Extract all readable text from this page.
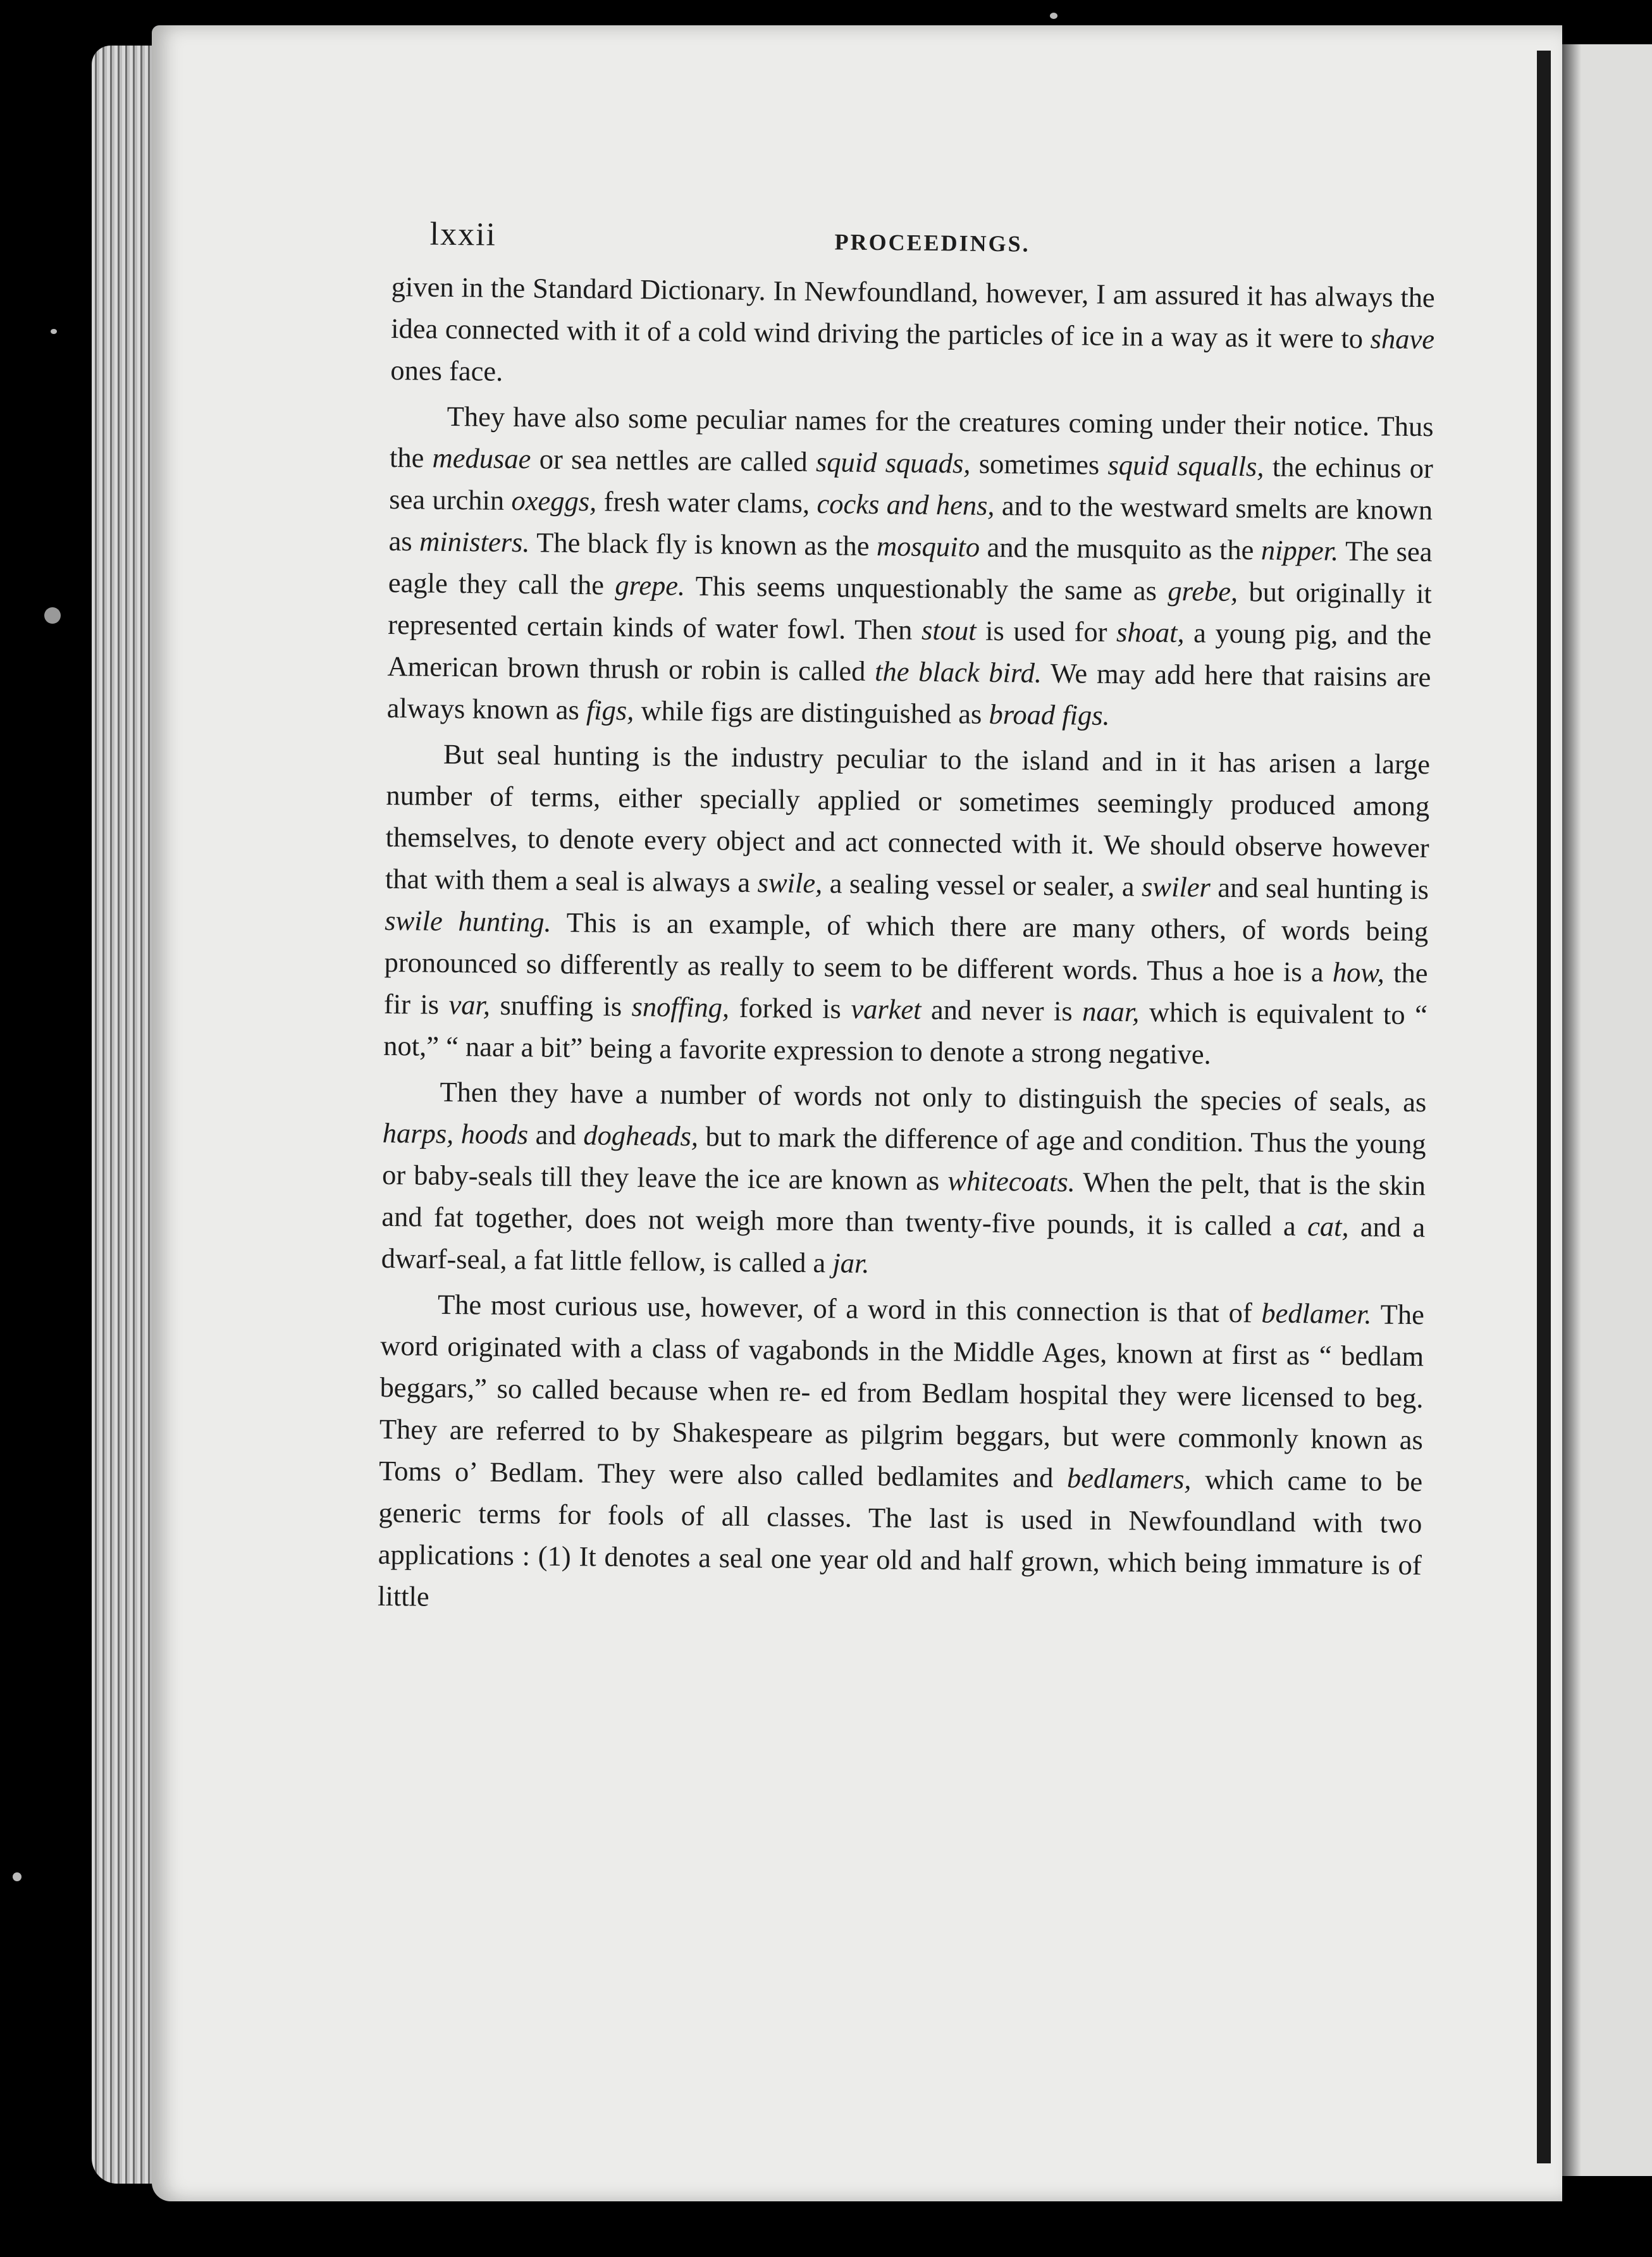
lxxii	PROCEEDINGS.

given in the Standard Dictionary. In Newfoundland, however, I am assured it has always the idea connected with it of a cold wind driving the particles of ice in a way as it were to shave ones face.

They have also some peculiar names for the creatures coming under their notice. Thus the medusae or sea nettles are called squid squads, sometimes squid squalls, the echinus or sea urchin oxeggs, fresh water clams, cocks and hens, and to the westward smelts are known as ministers. The black fly is known as the mosquito and the musquito as the nipper. The sea eagle they call the grepe. This seems unquestionably the same as grebe, but originally it represented certain kinds of water fowl. Then stout is used for shoat, a young pig, and the American brown thrush or robin is called the black bird. We may add here that raisins are always known as figs, while figs are distinguished as broad figs.

But seal hunting is the industry peculiar to the island and in it has arisen a large number of terms, either specially applied or sometimes seemingly produced among themselves, to denote every object and act connected with it. We should observe however that with them a seal is always a swile, a sealing vessel or sealer, a swiler and seal hunting is swile hunting. This is an example, of which there are many others, of words being pronounced so differently as really to seem to be different words. Thus a hoe is a how, the fir is var, snuffing is snoffing, forked is varket and never is naar, which is equivalent to “ not,” “ naar a bit” being a favorite expression to denote a strong negative.

Then they have a number of words not only to distinguish the species of seals, as harps, hoods and dogheads, but to mark the difference of age and condition. Thus the young or baby-seals till they leave the ice are known as whitecoats. When the pelt, that is the skin and fat together, does not weigh more than twenty-five pounds, it is called a cat, and a dwarf-seal, a fat little fellow, is called a jar.

The most curious use, however, of a word in this connection is that of bedlamer. The word originated with a class of vagabonds in the Middle Ages, known at first as “ bedlam beggars,” so called because when re- ed from Bedlam hospital they were licensed to beg. They are referred to by Shakespeare as pilgrim beggars, but were commonly known as Toms o’ Bedlam. They were also called bedlamites and bedlamers, which came to be generic terms for fools of all classes. The last is used in Newfoundland with two applications : (1) It denotes a seal one year old and half grown, which being immature is of little
